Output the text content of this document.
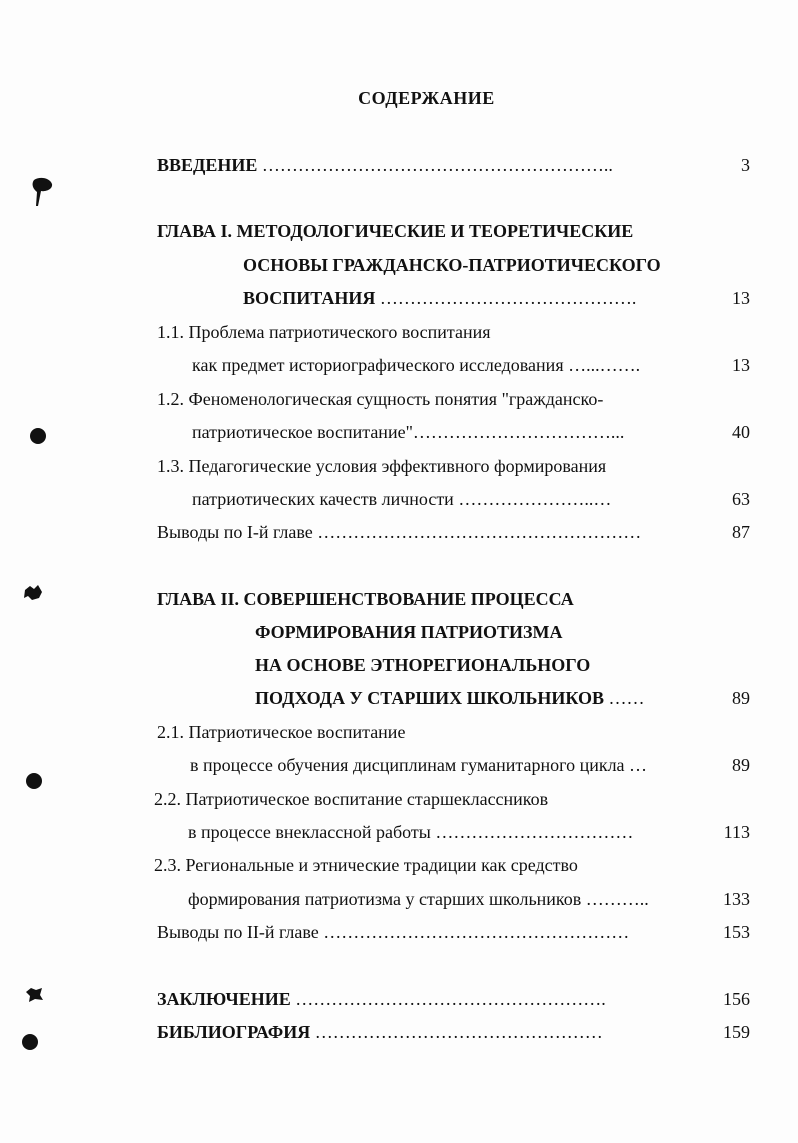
СОДЕРЖАНИЕ
ВВЕДЕНИЕ …………………………………………………..	3
ГЛАВА I. МЕТОДОЛОГИЧЕСКИЕ И ТЕОРЕТИЧЕСКИЕ
ОСНОВЫ ГРАЖДАНСКО-ПАТРИОТИЧЕСКОГО
ВОСПИТАНИЯ …………………………………….	13
1.1. Проблема патриотического воспитания
как предмет историографического исследования …...…….	13
1.2. Феноменологическая сущность понятия "гражданско-
патриотическое воспитание"……………………………...	40
1.3. Педагогические условия эффективного формирования
патриотических качеств личности …………………..…	63
Выводы по I-й главе ………………………………………………	87
ГЛАВА II. СОВЕРШЕНСТВОВАНИЕ ПРОЦЕССА
ФОРМИРОВАНИЯ ПАТРИОТИЗМА
НА ОСНОВЕ ЭТНОРЕГИОНАЛЬНОГО
ПОДХОДА У СТАРШИХ ШКОЛЬНИКОВ ……	89
2.1. Патриотическое воспитание
в процессе обучения дисциплинам гуманитарного цикла …	89
2.2. Патриотическое воспитание старшеклассников
в процессе внеклассной работы ……………………………	113
2.3. Региональные и этнические традиции как средство
формирования патриотизма у старших школьников ………..	133
Выводы по II-й главе ……………………………………………	153
ЗАКЛЮЧЕНИЕ …………………………………………….	156
БИБЛИОГРАФИЯ …………………………………………	159
